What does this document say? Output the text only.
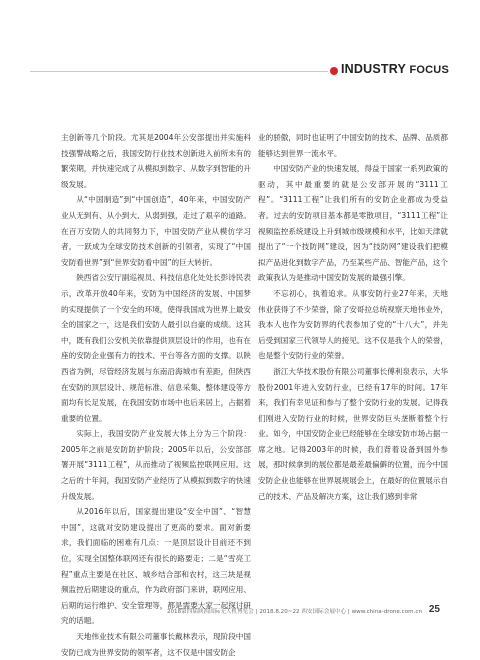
INDUSTRY FOCUS

主创新等几个阶段。尤其是2004年公安部提出并实施科技强警战略之后，我国安防行业技术创新进入前所未有的繁荣期，并快速完成了从模拟到数字、从数字到智能的升级发展。

从“中国制造”到“中国创造”，40年来，中国安防产业从无到有、从小到大、从弱到强，走过了艰辛的道路。在百万安防人的共同努力下，中国安防产业从模仿学习者，一跃成为全球安防技术创新的引领者，实现了“中国安防看世界”到“世界安防看中国”的巨大转折。

陕西省公安厅副巡视员、科技信息化处处长彭诗民表示，改革开放40年来，安防为中国经济的发展、中国梦的实现提供了一个安全的环境，使得我国成为世界上最安全的国家之一，这是我们安防人最引以自豪的成绩。这其中，既有我们公安机关依靠提供顶层设计的作用，也有在座的安防企业强有力的技术、平台等各方面的支撑。以陕西省为例，尽管经济发展与东南沿海城市有差距，但陕西在安防的顶层设计、规范标准、信息采集、整体建设等方面均有长足发展，在我国安防市场中也后来居上，占据着重要的位置。

实际上，我国安防产业发展大体上分为三个阶段：2005年之前是安防防护阶段；2005年以后，公安部部署开展“3111工程”，从而推动了视频监控联网应用。这之后的十年间，我国安防产业经历了从模拟到数字的快速升级发展。

从2016年以后，国家提出建设“安全中国”、“智慧中国”，这就对安防建设提出了更高的要求。面对新要求，我们面临的困难有几点：一是顶层设计目前还不到位，实现全国整体联网还有很长的路要走；二是“雪亮工程”重点主要是在社区、城乡结合部和农村，这三块是视频监控后期建设的重点，作为政府部门来讲，联网应用、后期的运行维护、安全管理等，都是需要大家一起探讨研究的话题。

天地伟业技术有限公司董事长戴林表示，现阶段中国安防已成为世界安防的领军者，这不仅是中国安防企

业的骄傲，同时也证明了中国安防的技术、品牌、品质都能够达到世界一流水平。

中国安防产业的快速发展，得益于国家一系列政策的驱动，其中最重要的就是公安部开展的“3111工程”。“3111工程”让我们所有的安防企业都成为受益者。过去的安防项目基本都是零散项目，“3111工程”让视频监控系统建设上升到城市级规模和水平，比如天津就提出了“一个技防网”建设，因为“技防网”建设我们把模拟产品进化到数字产品，乃至某些产品、智能产品，这个政策我认为是推动中国安防发展的最强引擎。

不忘初心，执着追求。从事安防行业27年来，天地伟业获得了不少荣誉，除了安哥拉总统视察天地伟业外，我本人也作为安防界的代表参加了党的“十八大”，并先后受到国家三代领导人的接见。这不仅是我个人的荣誉，也是整个安防行业的荣誉。

浙江大华技术股份有限公司董事长傅利泉表示，大华股份2001年进入安防行业，已经有17年的时间。17年来，我们有幸见证和参与了整个安防行业的发展。记得我们刚进入安防行业的时候，世界安防巨头垄断着整个行业。如今，中国安防企业已经能够在全球安防市场占据一席之地。记得2003年的时候，我们背着设备到国外参展，那时候拿到的展位都是最差最偏僻的位置，而今中国安防企业也能够在世界展规展会上，在最好的位置展示自己的技术、产品及解决方案，这让我们感到非常

2018第四届陕西国际无人机博览会 | 2018.8.20~22 西安国际会展中心 | www.china-drone.com.cn 25
